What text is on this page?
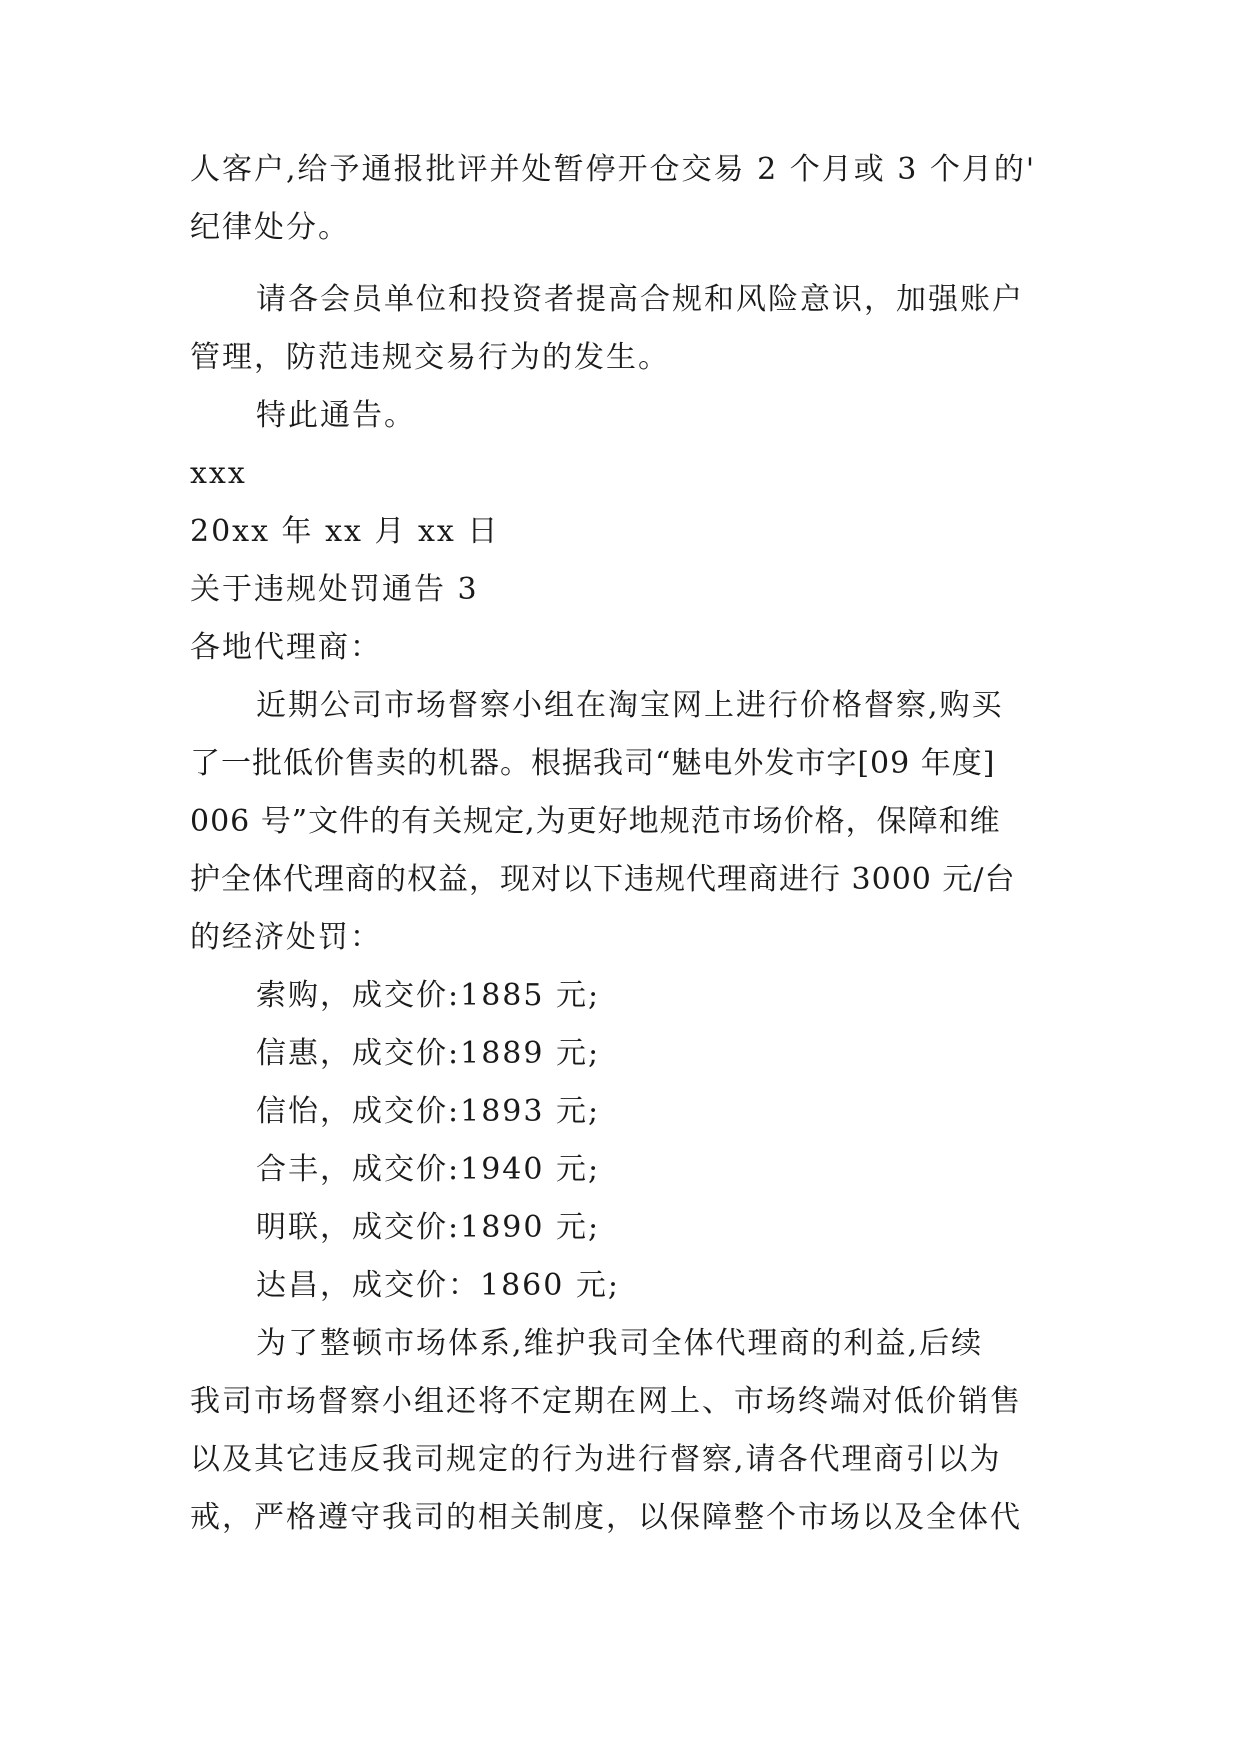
人客户,给予通报批评并处暂停开仓交易 2 个月或 3 个月的'
纪律处分。
请各会员单位和投资者提高合规和风险意识，加强账户
管理，防范违规交易行为的发生。
特此通告。
xxx
20xx 年 xx 月 xx 日
关于违规处罚通告 3
各地代理商：
近期公司市场督察小组在淘宝网上进行价格督察,购买
了一批低价售卖的机器。根据我司“魅电外发市字[09 年度]
006 号”文件的有关规定,为更好地规范市场价格，保障和维
护全体代理商的权益，现对以下违规代理商进行 3000 元/台
的经济处罚：
索购，成交价:1885 元;
信惠，成交价:1889 元;
信怡，成交价:1893 元;
合丰，成交价:1940 元;
明联，成交价:1890 元;
达昌，成交价：1860 元;
为了整顿市场体系,维护我司全体代理商的利益,后续
我司市场督察小组还将不定期在网上、市场终端对低价销售
以及其它违反我司规定的行为进行督察,请各代理商引以为
戒，严格遵守我司的相关制度，以保障整个市场以及全体代
